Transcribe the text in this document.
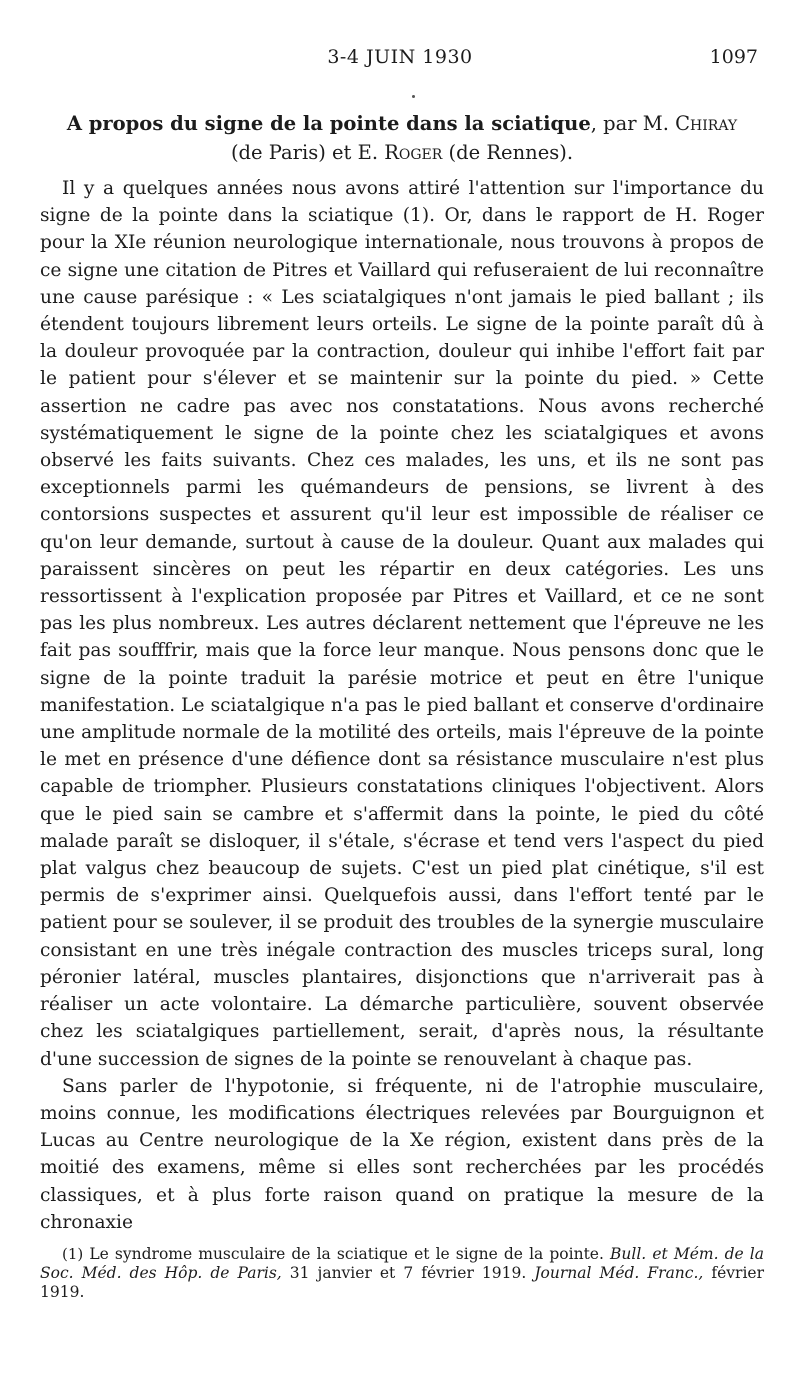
3-4 JUIN 1930	1097
A propos du signe de la pointe dans la sciatique, par M. Chiray
(de Paris) et E. Roger (de Rennes).

Il y a quelques années nous avons attiré l'attention sur l'importance du signe de la pointe dans la sciatique (1). Or, dans le rapport de H. Roger pour la XIe réunion neurologique internationale, nous trouvons à propos de ce signe une citation de Pitres et Vaillard qui refuseraient de lui reconnaître une cause parésique : « Les sciatalgiques n'ont jamais le pied ballant ; ils étendent toujours librement leurs orteils. Le signe de la pointe paraît dû à la douleur provoquée par la contraction, douleur qui inhibe l'effort fait par le patient pour s'élever et se maintenir sur la pointe du pied. » Cette assertion ne cadre pas avec nos constatations. Nous avons recherché systématiquement le signe de la pointe chez les sciatalgiques et avons observé les faits suivants. Chez ces malades, les uns, et ils ne sont pas exceptionnels parmi les quémandeurs de pensions, se livrent à des contorsions suspectes et assurent qu'il leur est impossible de réaliser ce qu'on leur demande, surtout à cause de la douleur. Quant aux malades qui paraissent sincères on peut les répartir en deux catégories. Les uns ressortissent à l'explication proposée par Pitres et Vaillard, et ce ne sont pas les plus nombreux. Les autres déclarent nettement que l'épreuve ne les fait pas soufffrir, mais que la force leur manque. Nous pensons donc que le signe de la pointe traduit la parésie motrice et peut en être l'unique manifestation. Le sciatalgique n'a pas le pied ballant et conserve d'ordinaire une amplitude normale de la motilité des orteils, mais l'épreuve de la pointe le met en présence d'une défience dont sa résistance musculaire n'est plus capable de triompher. Plusieurs constatations cliniques l'objectivent. Alors que le pied sain se cambre et s'affermit dans la pointe, le pied du côté malade paraît se disloquer, il s'étale, s'écrase et tend vers l'aspect du pied plat valgus chez beaucoup de sujets. C'est un pied plat cinétique, s'il est permis de s'exprimer ainsi. Quelquefois aussi, dans l'effort tenté par le patient pour se soulever, il se produit des troubles de la synergie musculaire consistant en une très inégale contraction des muscles triceps sural, long péronier latéral, muscles plantaires, disjonctions que n'arriverait pas à réaliser un acte volontaire. La démarche particulière, souvent observée chez les sciatalgiques partiellement, serait, d'après nous, la résultante d'une succession de signes de la pointe se renouvelant à chaque pas.

Sans parler de l'hypotonie, si fréquente, ni de l'atrophie musculaire, moins connue, les modifications électriques relevées par Bourguignon et Lucas au Centre neurologique de la Xe région, existent dans près de la moitié des examens, même si elles sont recherchées par les procédés classiques, et à plus forte raison quand on pratique la mesure de la chronaxie

(1) Le syndrome musculaire de la sciatique et le signe de la pointe. Bull. et Mém. de la Soc. Méd. des Hôp. de Paris, 31 janvier et 7 février 1919. Journal Méd. Franc., février 1919.
